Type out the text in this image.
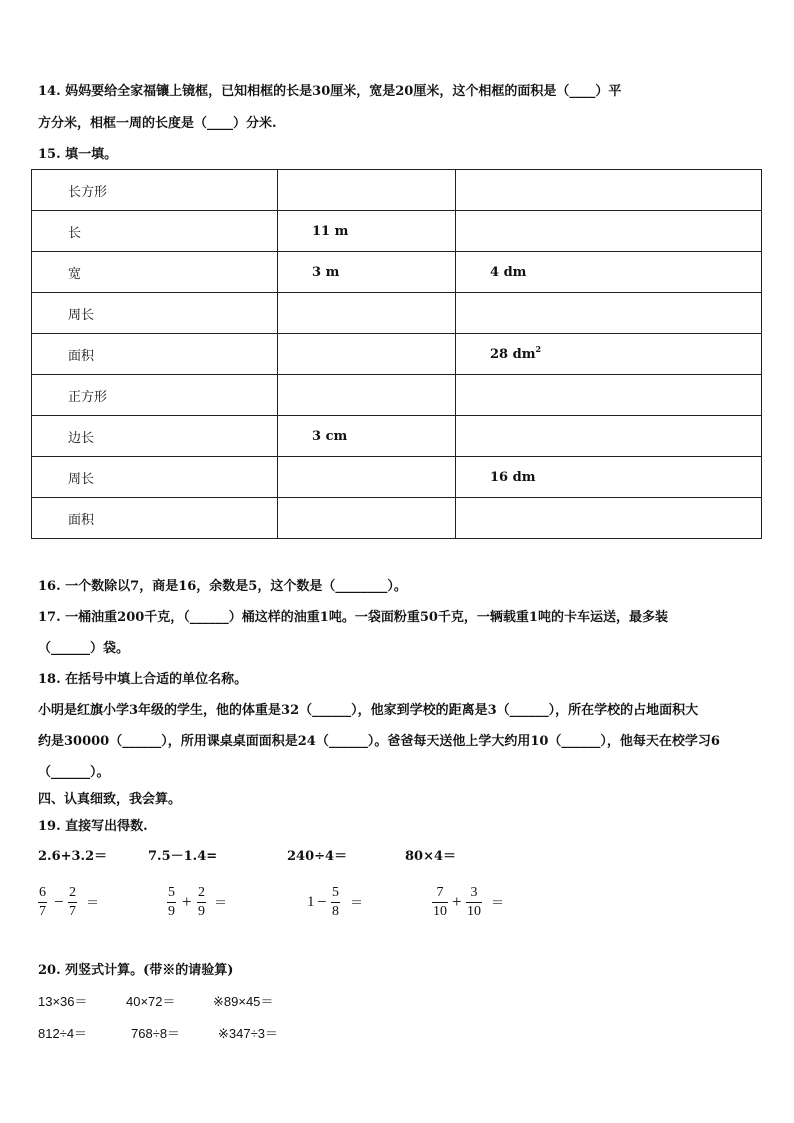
14. 妈妈要给全家福镶上镜框，已知相框的长是30厘米，宽是20厘米，这个相框的面积是（____）平
方分米，相框一周的长度是（____）分米.
15. 填一填。
长方形		
长	11 m	
宽	3 m	4 dm
周长		
面积		28 $dm^2$
正方形		
边长	3 cm	
周长		16 dm
面积		
16. 一个数除以7，商是16，余数是5，这个数是（________）。
17. 一桶油重200千克，（______）桶这样的油重1吨。一袋面粉重50千克，一辆载重1吨的卡车运送，最多装
（______）袋。
18. 在括号中填上合适的单位名称。
小明是红旗小学3年级的学生，他的体重是32（______），他家到学校的距离是3（______），所在学校的占地面积大
约是30000（______），所用课桌桌面面积是24（______）。爸爸每天送他上学大约用10（______），他每天在校学习6
（______）。
四、认真细致，我会算。
19. 直接写出得数.
2.6+3.2＝	7.5－1.4=	240÷4＝	80×4＝
6
7
− 2
7
＝
5
9
+ 2
9
＝	1 − 5
8
＝
7
10
+ 3
10
＝
20. 列竖式计算。(带※的请验算)
13×36＝	40×72＝	※89×45＝
812÷4＝	768÷8＝	※347÷3＝
